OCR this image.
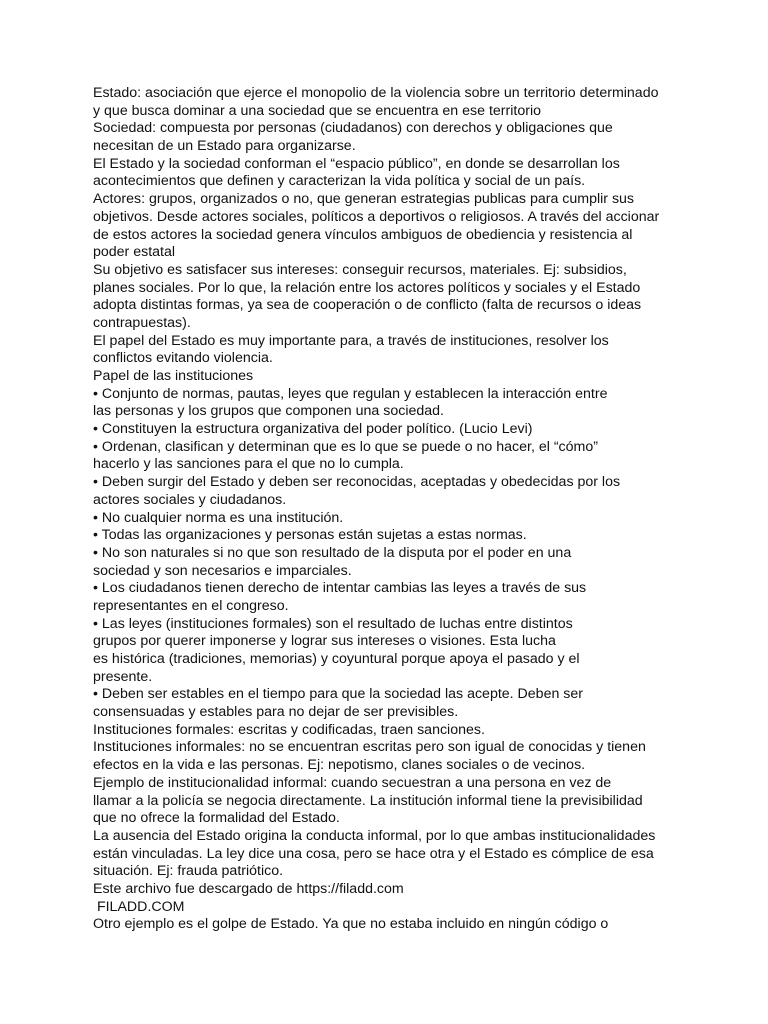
Estado: asociación que ejerce el monopolio de la violencia sobre un territorio determinado
y que busca dominar a una sociedad que se encuentra en ese territorio
Sociedad: compuesta por personas (ciudadanos) con derechos y obligaciones que
necesitan de un Estado para organizarse.
El Estado y la sociedad conforman el “espacio público”, en donde se desarrollan los
acontecimientos que definen y caracterizan la vida política y social de un país.
Actores: grupos, organizados o no, que generan estrategias publicas para cumplir sus
objetivos. Desde actores sociales, políticos a deportivos o religiosos. A través del accionar
de estos actores la sociedad genera vínculos ambiguos de obediencia y resistencia al
poder estatal
Su objetivo es satisfacer sus intereses: conseguir recursos, materiales. Ej: subsidios,
planes sociales. Por lo que, la relación entre los actores políticos y sociales y el Estado
adopta distintas formas, ya sea de cooperación o de conflicto (falta de recursos o ideas
contrapuestas).
El papel del Estado es muy importante para, a través de instituciones, resolver los
conflictos evitando violencia.
Papel de las instituciones
• Conjunto de normas, pautas, leyes que regulan y establecen la interacción entre
las personas y los grupos que componen una sociedad.
• Constituyen la estructura organizativa del poder político. (Lucio Levi)
• Ordenan, clasifican y determinan que es lo que se puede o no hacer, el “cómo”
hacerlo y las sanciones para el que no lo cumpla.
• Deben surgir del Estado y deben ser reconocidas, aceptadas y obedecidas por los
actores sociales y ciudadanos.
• No cualquier norma es una institución.
• Todas las organizaciones y personas están sujetas a estas normas.
• No son naturales si no que son resultado de la disputa por el poder en una
sociedad y son necesarios e imparciales.
• Los ciudadanos tienen derecho de intentar cambias las leyes a través de sus
representantes en el congreso.
• Las leyes (instituciones formales) son el resultado de luchas entre distintos
grupos por querer imponerse y lograr sus intereses o visiones. Esta lucha
es histórica (tradiciones, memorias) y coyuntural porque apoya el pasado y el
presente.
• Deben ser estables en el tiempo para que la sociedad las acepte. Deben ser
consensuadas y estables para no dejar de ser previsibles.
Instituciones formales: escritas y codificadas, traen sanciones.
Instituciones informales: no se encuentran escritas pero son igual de conocidas y tienen
efectos en la vida e las personas. Ej: nepotismo, clanes sociales o de vecinos.
Ejemplo de institucionalidad informal: cuando secuestran a una persona en vez de
llamar a la policía se negocia directamente. La institución informal tiene la previsibilidad
que no ofrece la formalidad del Estado.
La ausencia del Estado origina la conducta informal, por lo que ambas institucionalidades
están vinculadas. La ley dice una cosa, pero se hace otra y el Estado es cómplice de esa
situación. Ej: frauda patriótico.
Este archivo fue descargado de https://filadd.com
FILADD.COM
Otro ejemplo es el golpe de Estado. Ya que no estaba incluido en ningún código o
